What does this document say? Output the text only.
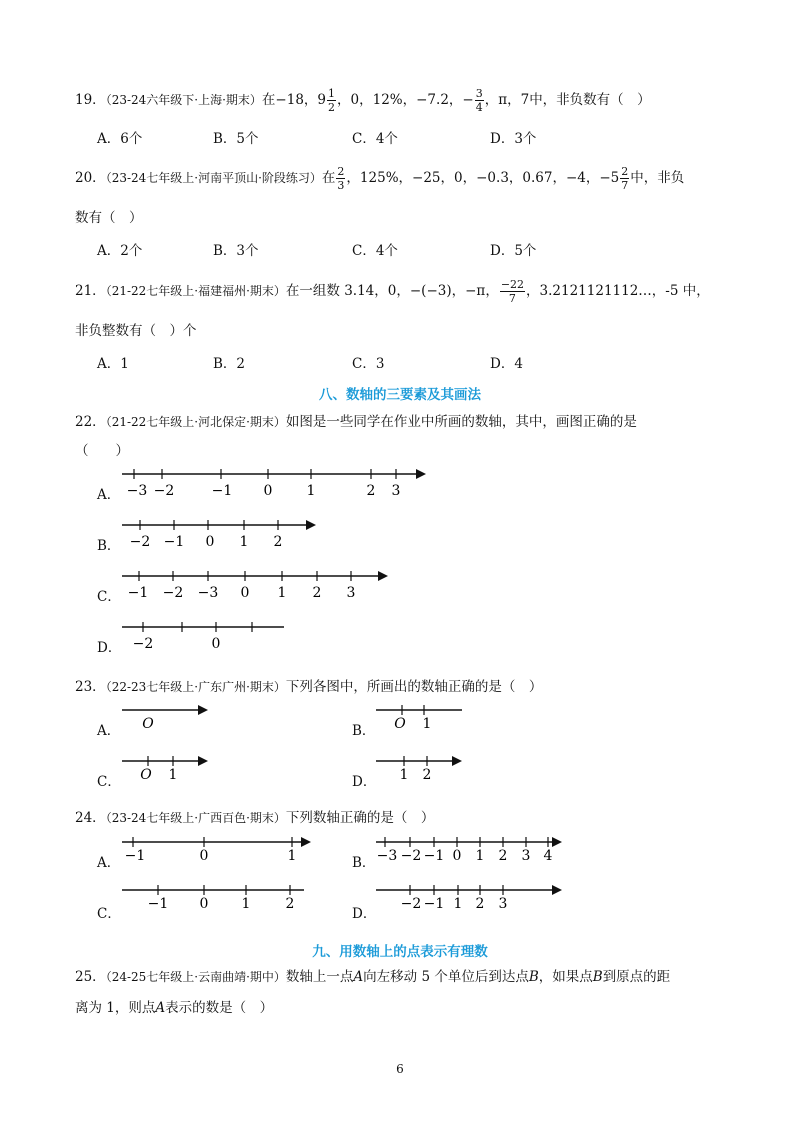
19．（23-24六年级下·上海·期末）在−18，$9 \frac{1}{2}$ ，0，12%，−7.2，− $\frac{3}{4}$ ，π，7中，非负数有（　）
A．6个	B．5个	C．4个	D．3个
20．（23-24七年级上·河南平顶山·阶段练习）在 $\frac{2}{3}$ ，125%，−25，0，−0.3，0.67，−4，$-5 \frac{2}{7}$ 中，非负
数有（　）
A．2个	B．3个	C．4个	D．5个
21．（21-22七年级上·福建福州·期末）在一组数 3.14，0，−(−3)，−π， $\frac{-22}{7}$ ，3.2121121112…，-5 中，
非负整数有（　）个
A．1	B．2	C．3	D．4
八、数轴的三要素及其画法
22．（21-22七年级上·河北保定·期末）如图是一些同学在作业中所画的数轴，其中，画图正确的是
（　　）
A． −3 −2	−1 0 1	2 3
B． −2 −1 0 1 2
C． −1 −2 −3 0 1 2 3
D． −2	0
23．（22-23七年级上·广东广州·期末）下列各图中，所画出的数轴正确的是（　）
A． O	B． O 1
C． O 1	D． 1 2
24．（23-24七年级上·广西百色·期末）下列数轴正确的是（　）
A． −1	0	1	B． −3 −2 −1 0 1 2 3 4
C．
−1 0 1	2
D．
−2 −1 1 2 3
九、用数轴上的点表示有理数
25．（24-25七年级上·云南曲靖·期中）数轴上一点A向左移动 5 个单位后到达点B，如果点B到原点的距
离为 1，则点A表示的数是（　）
6
